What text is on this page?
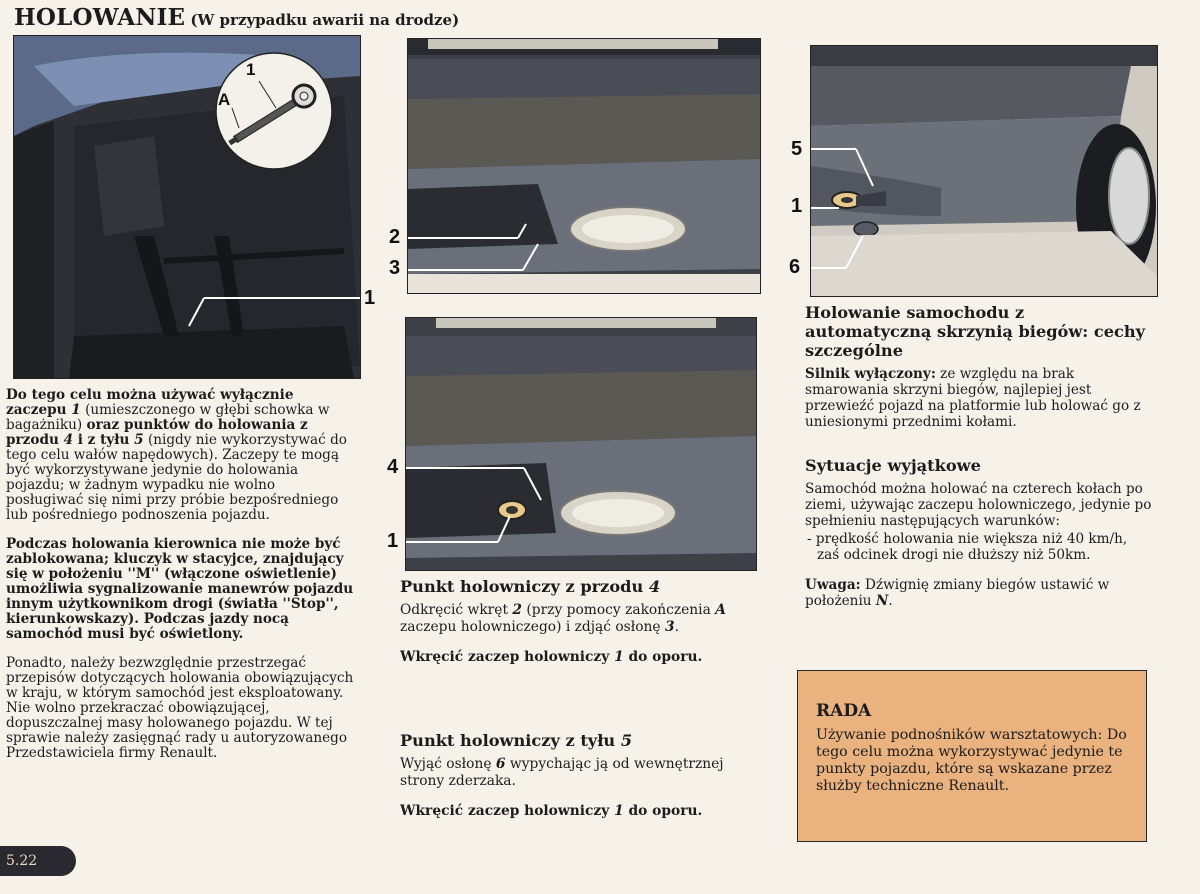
HOLOWANIE (W przypadku awarii na drodze)
A
1
1
2
3
4
1
5
1
6

Do tego celu można używać wyłącznie zaczepu 1 (umieszczonego w głębi schowka w bagażniku) oraz punktów do holowania z przodu 4 i z tyłu 5 (nigdy nie wykorzystywać do tego celu wałów napędowych). Zaczepy te mogą być wykorzystywane jedynie do holowania pojazdu; w żadnym wypadku nie wolno posługiwać się nimi przy próbie bezpośredniego lub pośredniego podnoszenia pojazdu.

Podczas holowania kierownica nie może być zablokowana; kluczyk w stacyjce, znajdujący się w położeniu ''M'' (włączone oświetlenie) umożliwia sygnalizowanie manewrów pojazdu innym użytkownikom drogi (światła ''Stop'', kierunkowskazy). Podczas jazdy nocą samochód musi być oświetlony.

Ponadto, należy bezwzględnie przestrzegać przepisów dotyczących holowania obowiązujących w kraju, w którym samochód jest eksploatowany. Nie wolno przekraczać obowiązującej, dopuszczalnej masy holowanego pojazdu. W tej sprawie należy zasięgnąć rady u autoryzowanego Przedstawiciela firmy Renault.

Punkt holowniczy z przodu 4

Odkręcić wkręt 2 (przy pomocy zakończenia A zaczepu holowniczego) i zdjąć osłonę 3.

Wkręcić zaczep holowniczy 1 do oporu.

Punkt holowniczy z tyłu 5

Wyjąć osłonę 6 wypychając ją od wewnętrznej strony zderzaka.

Wkręcić zaczep holowniczy 1 do oporu.

Holowanie samochodu z automatyczną skrzynią biegów: cechy szczególne

Silnik wyłączony: ze względu na brak smarowania skrzyni biegów, najlepiej jest przewieźć pojazd na platformie lub holować go z uniesionymi przednimi kołami.

Sytuacje wyjątkowe

Samochód można holować na czterech kołach po ziemi, używając zaczepu holowniczego, jedynie po spełnieniu następujących warunków:

- prędkość holowania nie większa niż 40 km/h, zaś odcinek drogi nie dłuższy niż 50km.

Uwaga: Dźwignię zmiany biegów ustawić w położeniu N.

RADA
Używanie podnośników warsztatowych: Do tego celu można wykorzystywać jedynie te punkty pojazdu, które są wskazane przez służby techniczne Renault.
5.22
